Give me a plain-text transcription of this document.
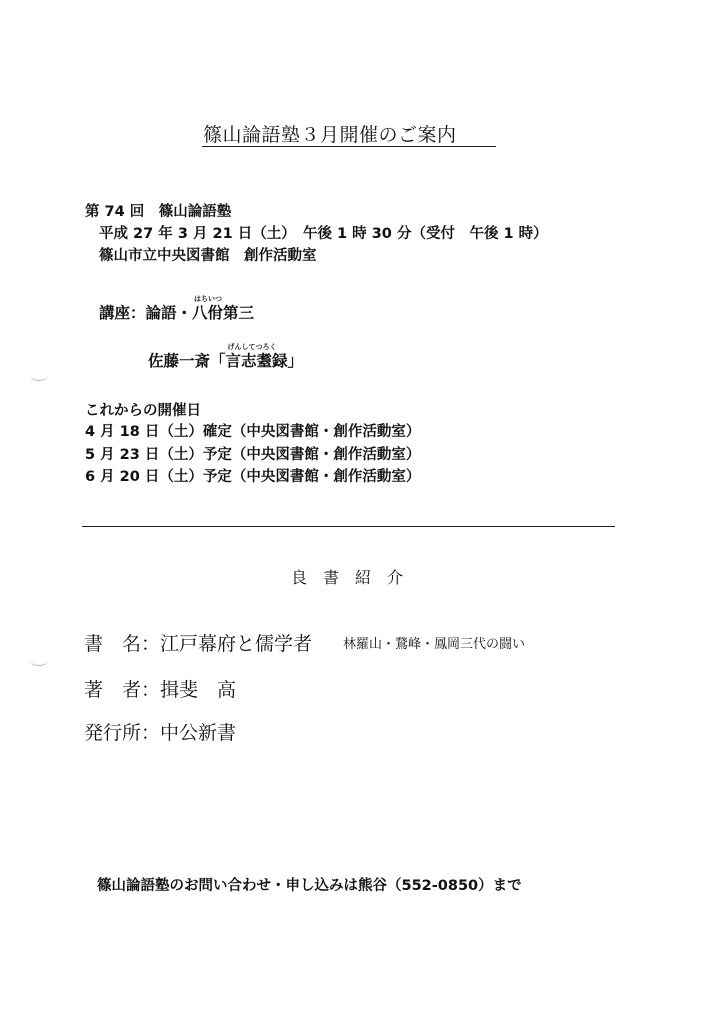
篠山論語塾３月開催のご案内
第 74 回　篠山論語塾
平成 27 年 3 月 21 日（土）　午後 1 時 30 分（受付　午後 1 時）
篠山市立中央図書館　創作活動室
講座：論語・
はちいつ
八佾第三
佐藤一斎「
げんしてつろく
言志耋録」
これからの開催日
4 月 18 日（土）確定（中央図書館・創作活動室）
5 月 23 日（土）予定（中央図書館・創作活動室）
6 月 20 日（土）予定（中央図書館・創作活動室）
良　書　紹　介
書　名：江戸幕府と儒学者 林羅山・鵞峰・鳳岡三代の闘い
著　者：揖斐　高
発行所：中公新書
篠山論語塾のお問い合わせ・申し込みは熊谷（552-0850）まで
